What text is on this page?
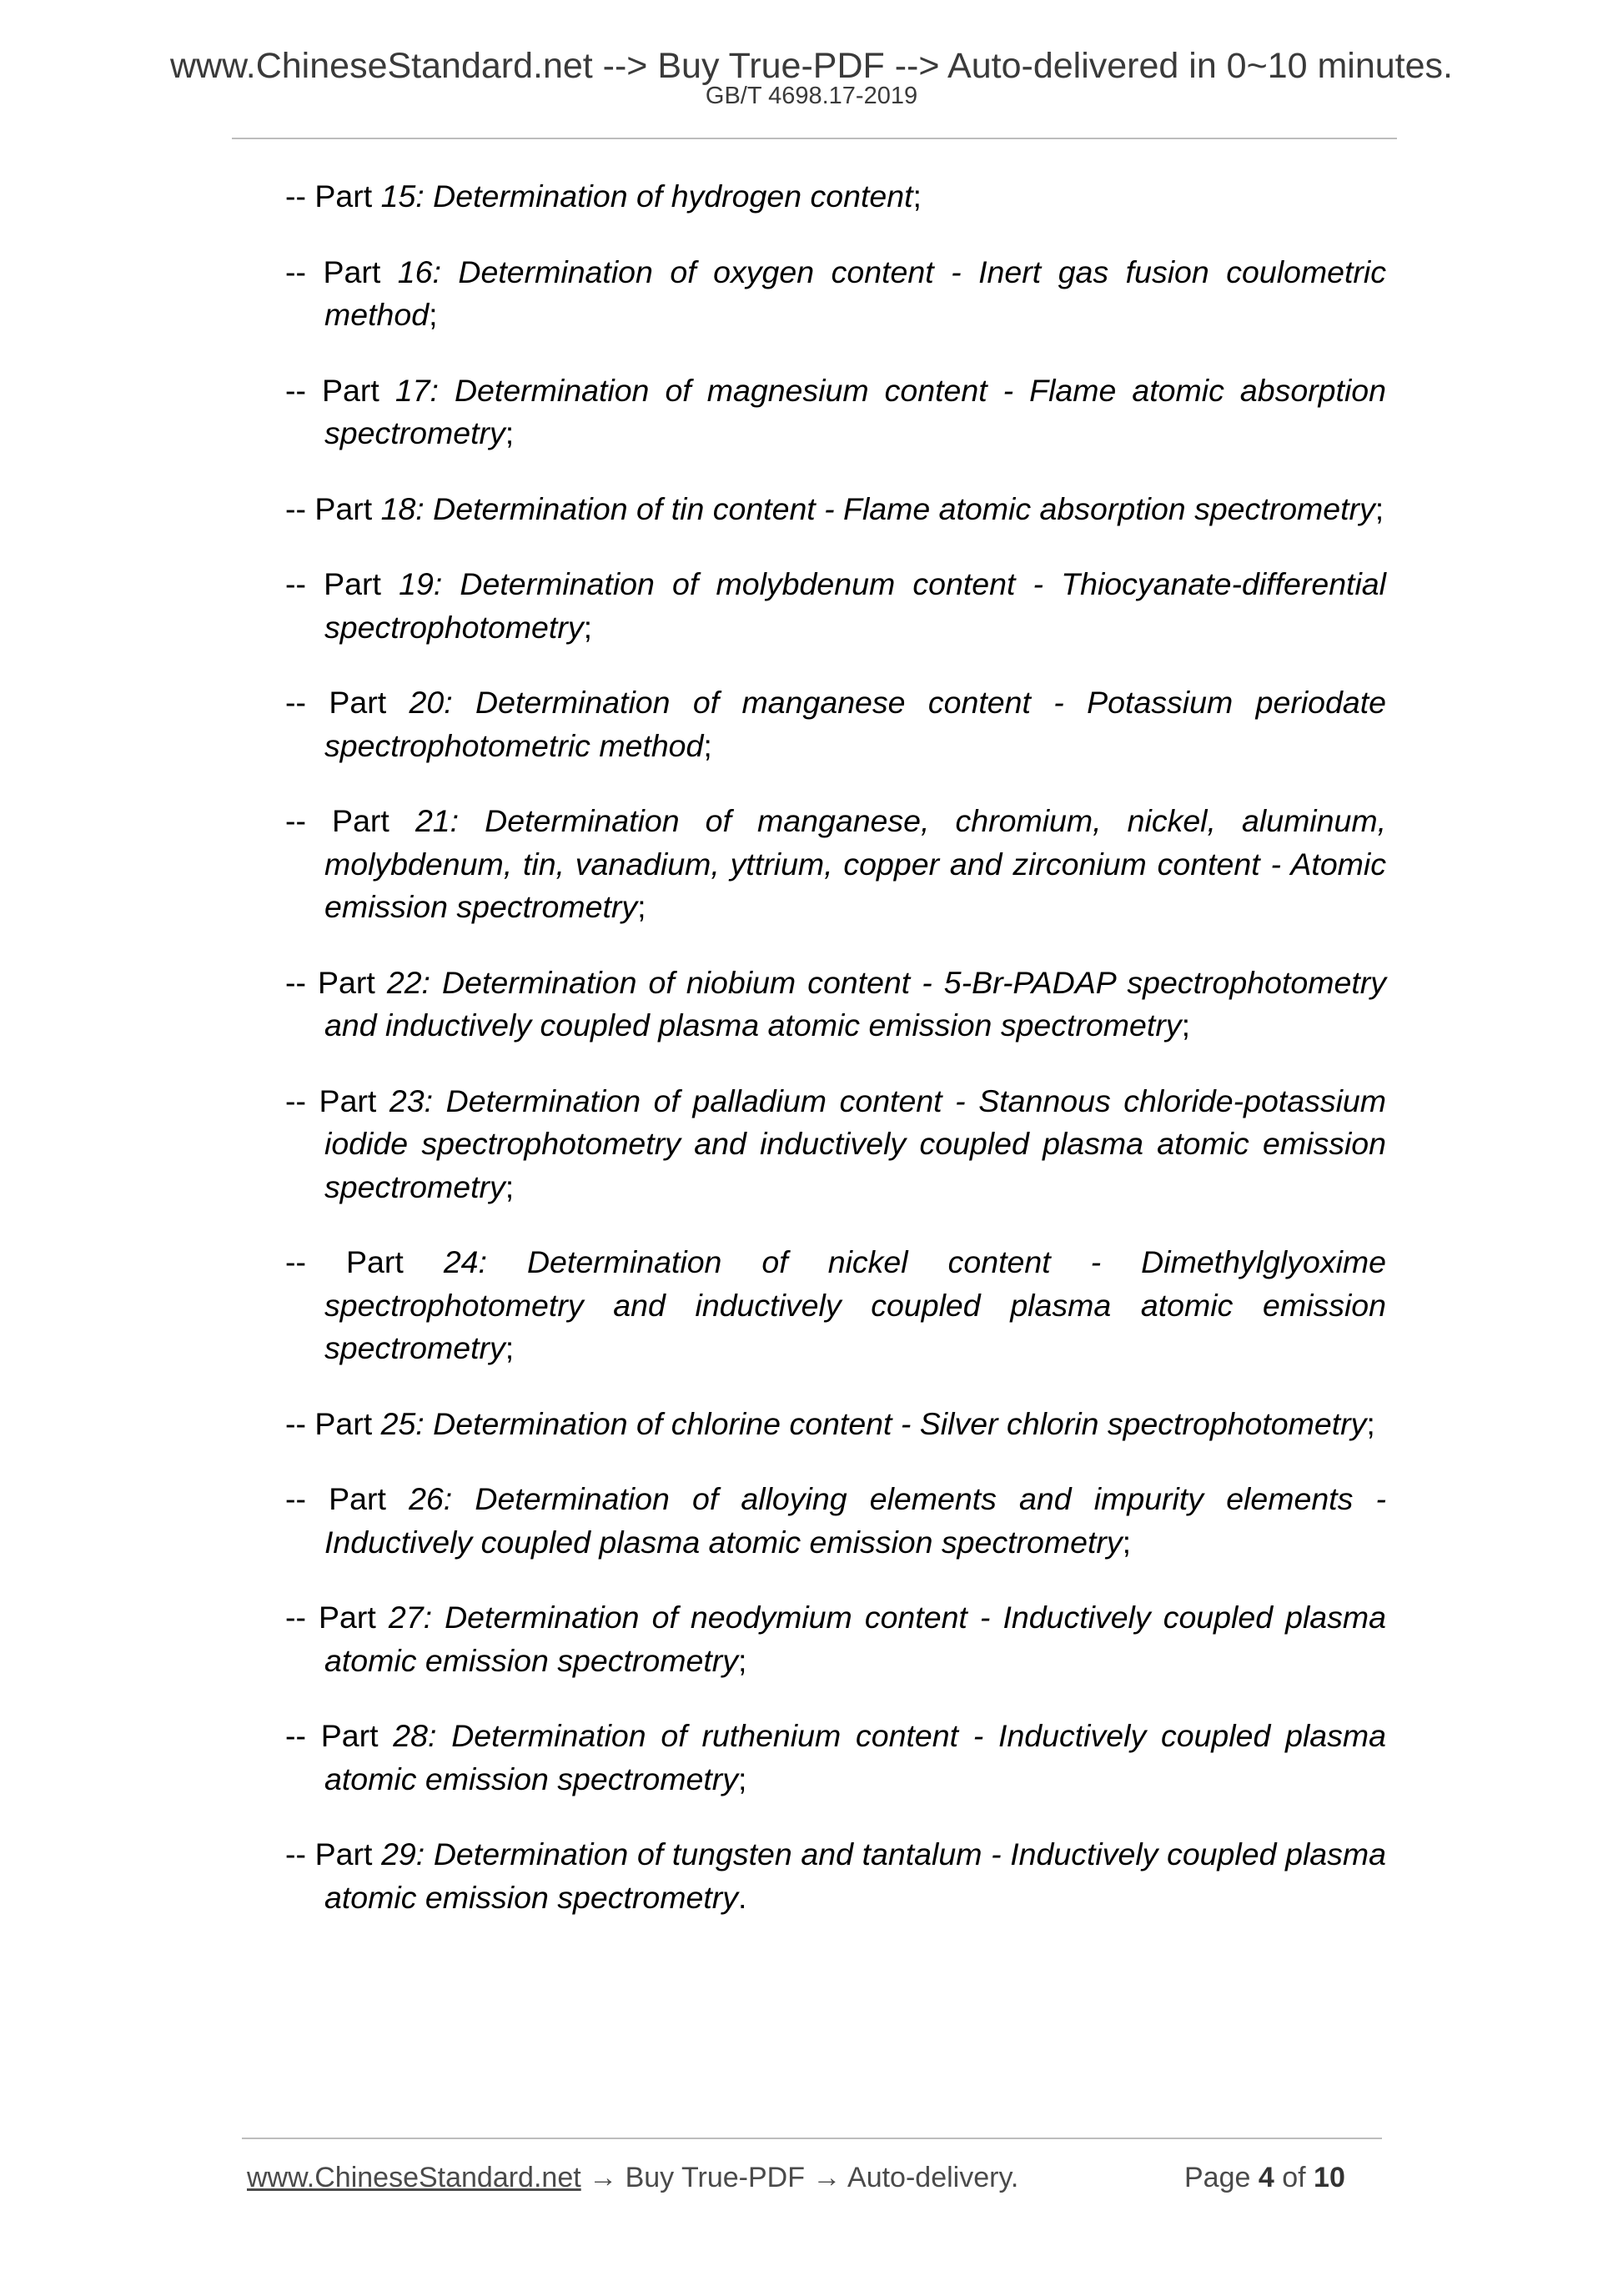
www.ChineseStandard.net --> Buy True-PDF --> Auto-delivered in 0~10 minutes.
GB/T 4698.17-2019
-- Part 15: Determination of hydrogen content;
-- Part 16: Determination of oxygen content - Inert gas fusion coulometric method;
-- Part 17: Determination of magnesium content - Flame atomic absorption spectrometry;
-- Part 18: Determination of tin content - Flame atomic absorption spectrometry;
-- Part 19: Determination of molybdenum content - Thiocyanate-differential spectrophotometry;
-- Part 20: Determination of manganese content - Potassium periodate spectrophotometric method;
-- Part 21: Determination of manganese, chromium, nickel, aluminum, molybdenum, tin, vanadium, yttrium, copper and zirconium content - Atomic emission spectrometry;
-- Part 22: Determination of niobium content - 5-Br-PADAP spectrophotometry and inductively coupled plasma atomic emission spectrometry;
-- Part 23: Determination of palladium content - Stannous chloride-potassium iodide spectrophotometry and inductively coupled plasma atomic emission spectrometry;
-- Part 24: Determination of nickel content - Dimethylglyoxime spectrophotometry and inductively coupled plasma atomic emission spectrometry;
-- Part 25: Determination of chlorine content - Silver chlorin spectrophotometry;
-- Part 26: Determination of alloying elements and impurity elements - Inductively coupled plasma atomic emission spectrometry;
-- Part 27: Determination of neodymium content - Inductively coupled plasma atomic emission spectrometry;
-- Part 28: Determination of ruthenium content - Inductively coupled plasma atomic emission spectrometry;
-- Part 29: Determination of tungsten and tantalum - Inductively coupled plasma atomic emission spectrometry.
www.ChineseStandard.net → Buy True-PDF → Auto-delivery.	Page 4 of 10
